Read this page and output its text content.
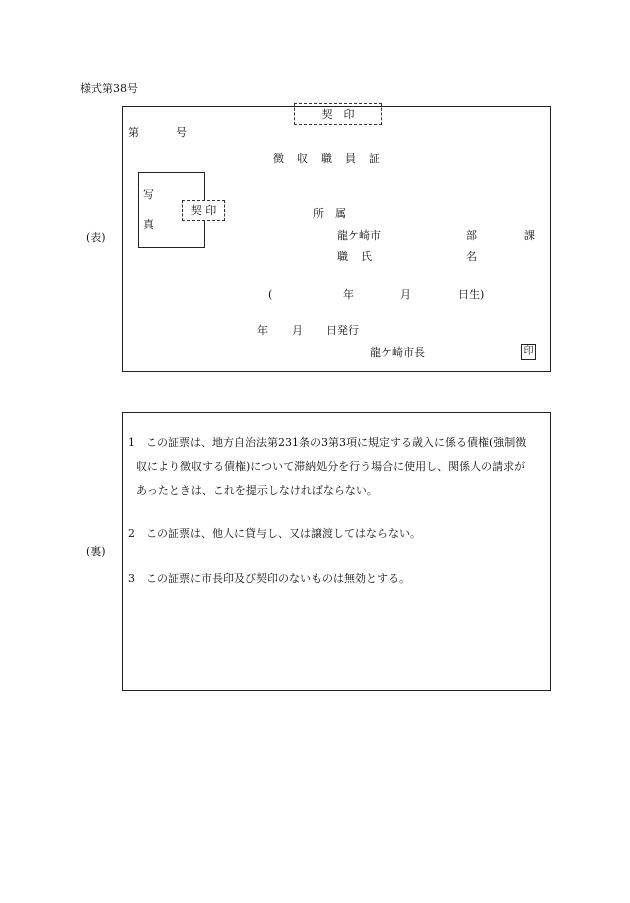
様式第38号
(表)
契　印
第	号
徴収職員証
写
真
契 印	所　属
龍ケ崎市	部	課
職 氏	名
(	年	月	日生)
年 月 日発行
龍ケ崎市長	印
(裏)
1 この証票は、地方自治法第231条の3第3項に規定する歳入に係る債権(強制徴
収により徴収する債権)について滞納処分を行う場合に使用し、関係人の請求が
あったときは、これを提示しなければならない。
2 この証票は、他人に貸与し、又は譲渡してはならない。
3 この証票に市長印及び契印のないものは無効とする。
